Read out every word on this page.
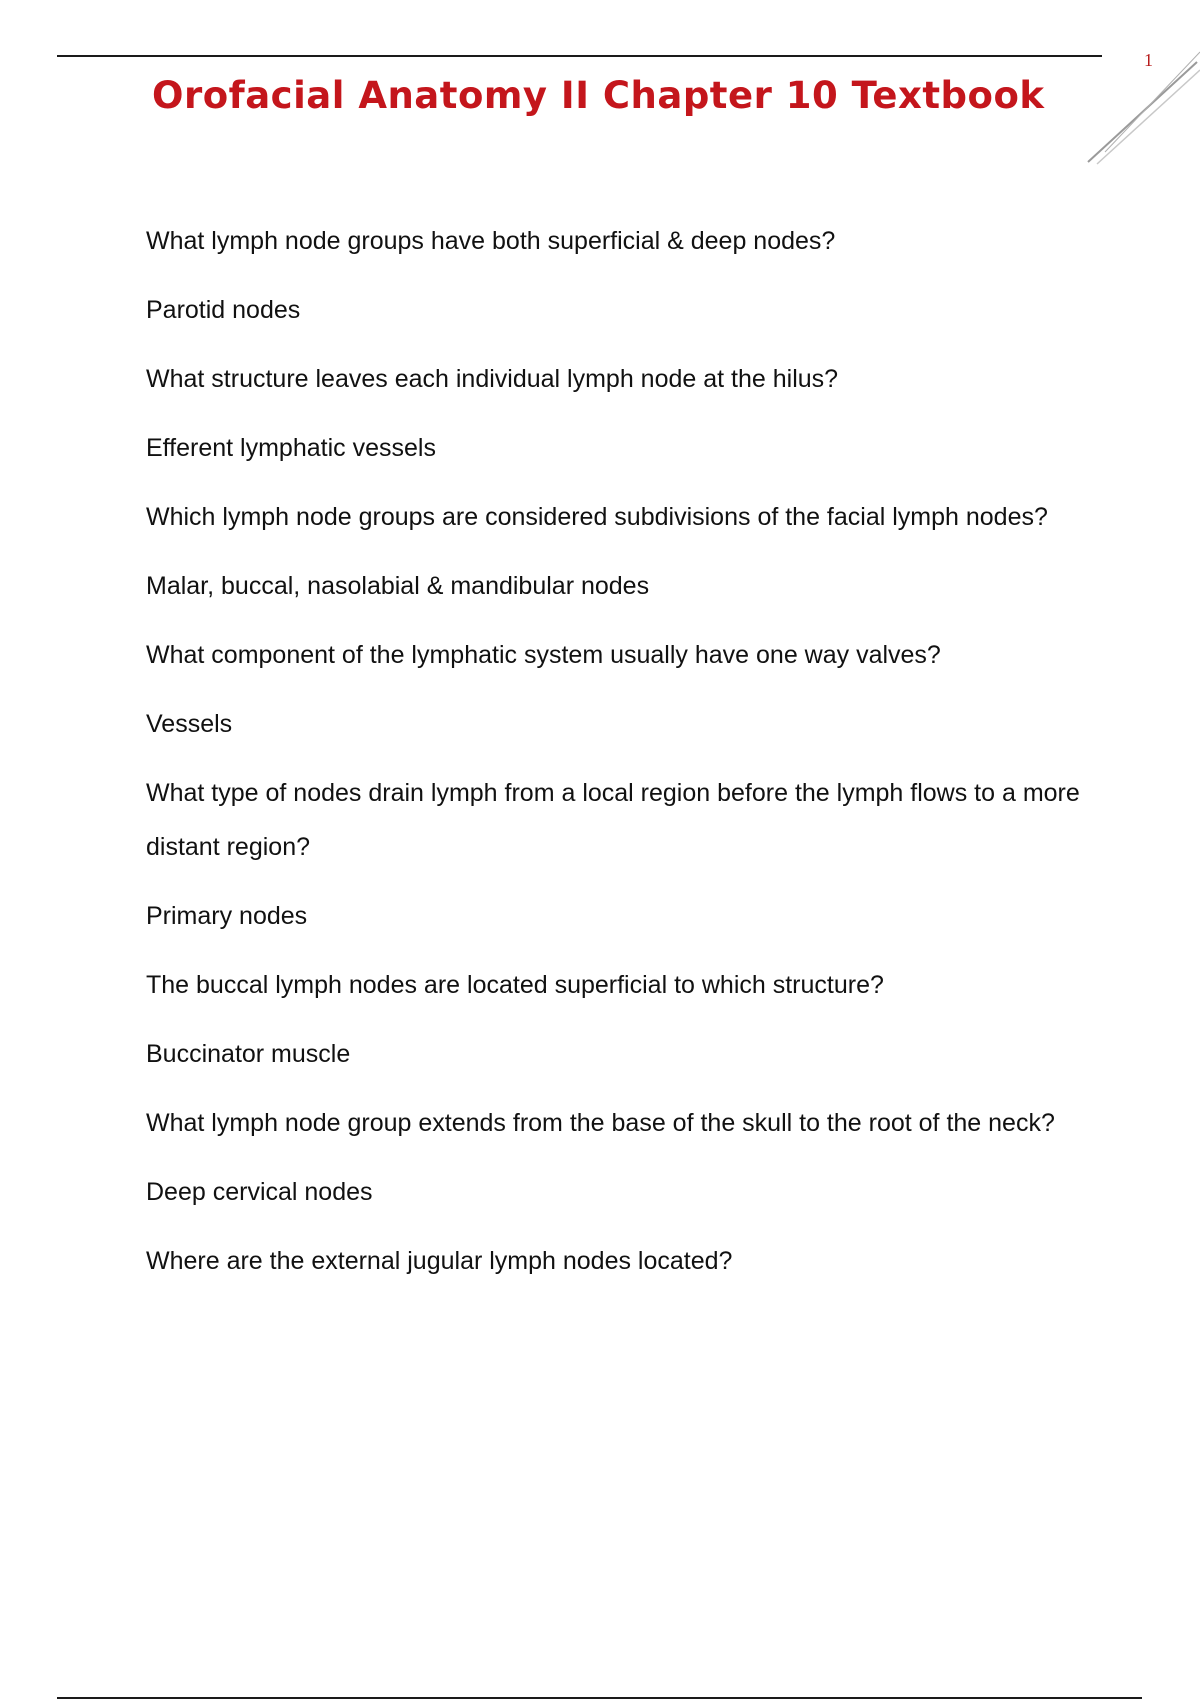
1
Orofacial Anatomy II Chapter 10 Textbook
What lymph node groups have both superficial & deep nodes?
Parotid nodes
What structure leaves each individual lymph node at the hilus?
Efferent lymphatic vessels
Which lymph node groups are considered subdivisions of the facial lymph nodes?
Malar, buccal, nasolabial & mandibular nodes
What component of the lymphatic system usually have one way valves?
Vessels
What type of nodes drain lymph from a local region before the lymph flows to a more distant region?
Primary nodes
The buccal lymph nodes are located superficial to which structure?
Buccinator muscle
What lymph node group extends from the base of the skull to the root of the neck?
Deep cervical nodes
Where are the external jugular lymph nodes located?
